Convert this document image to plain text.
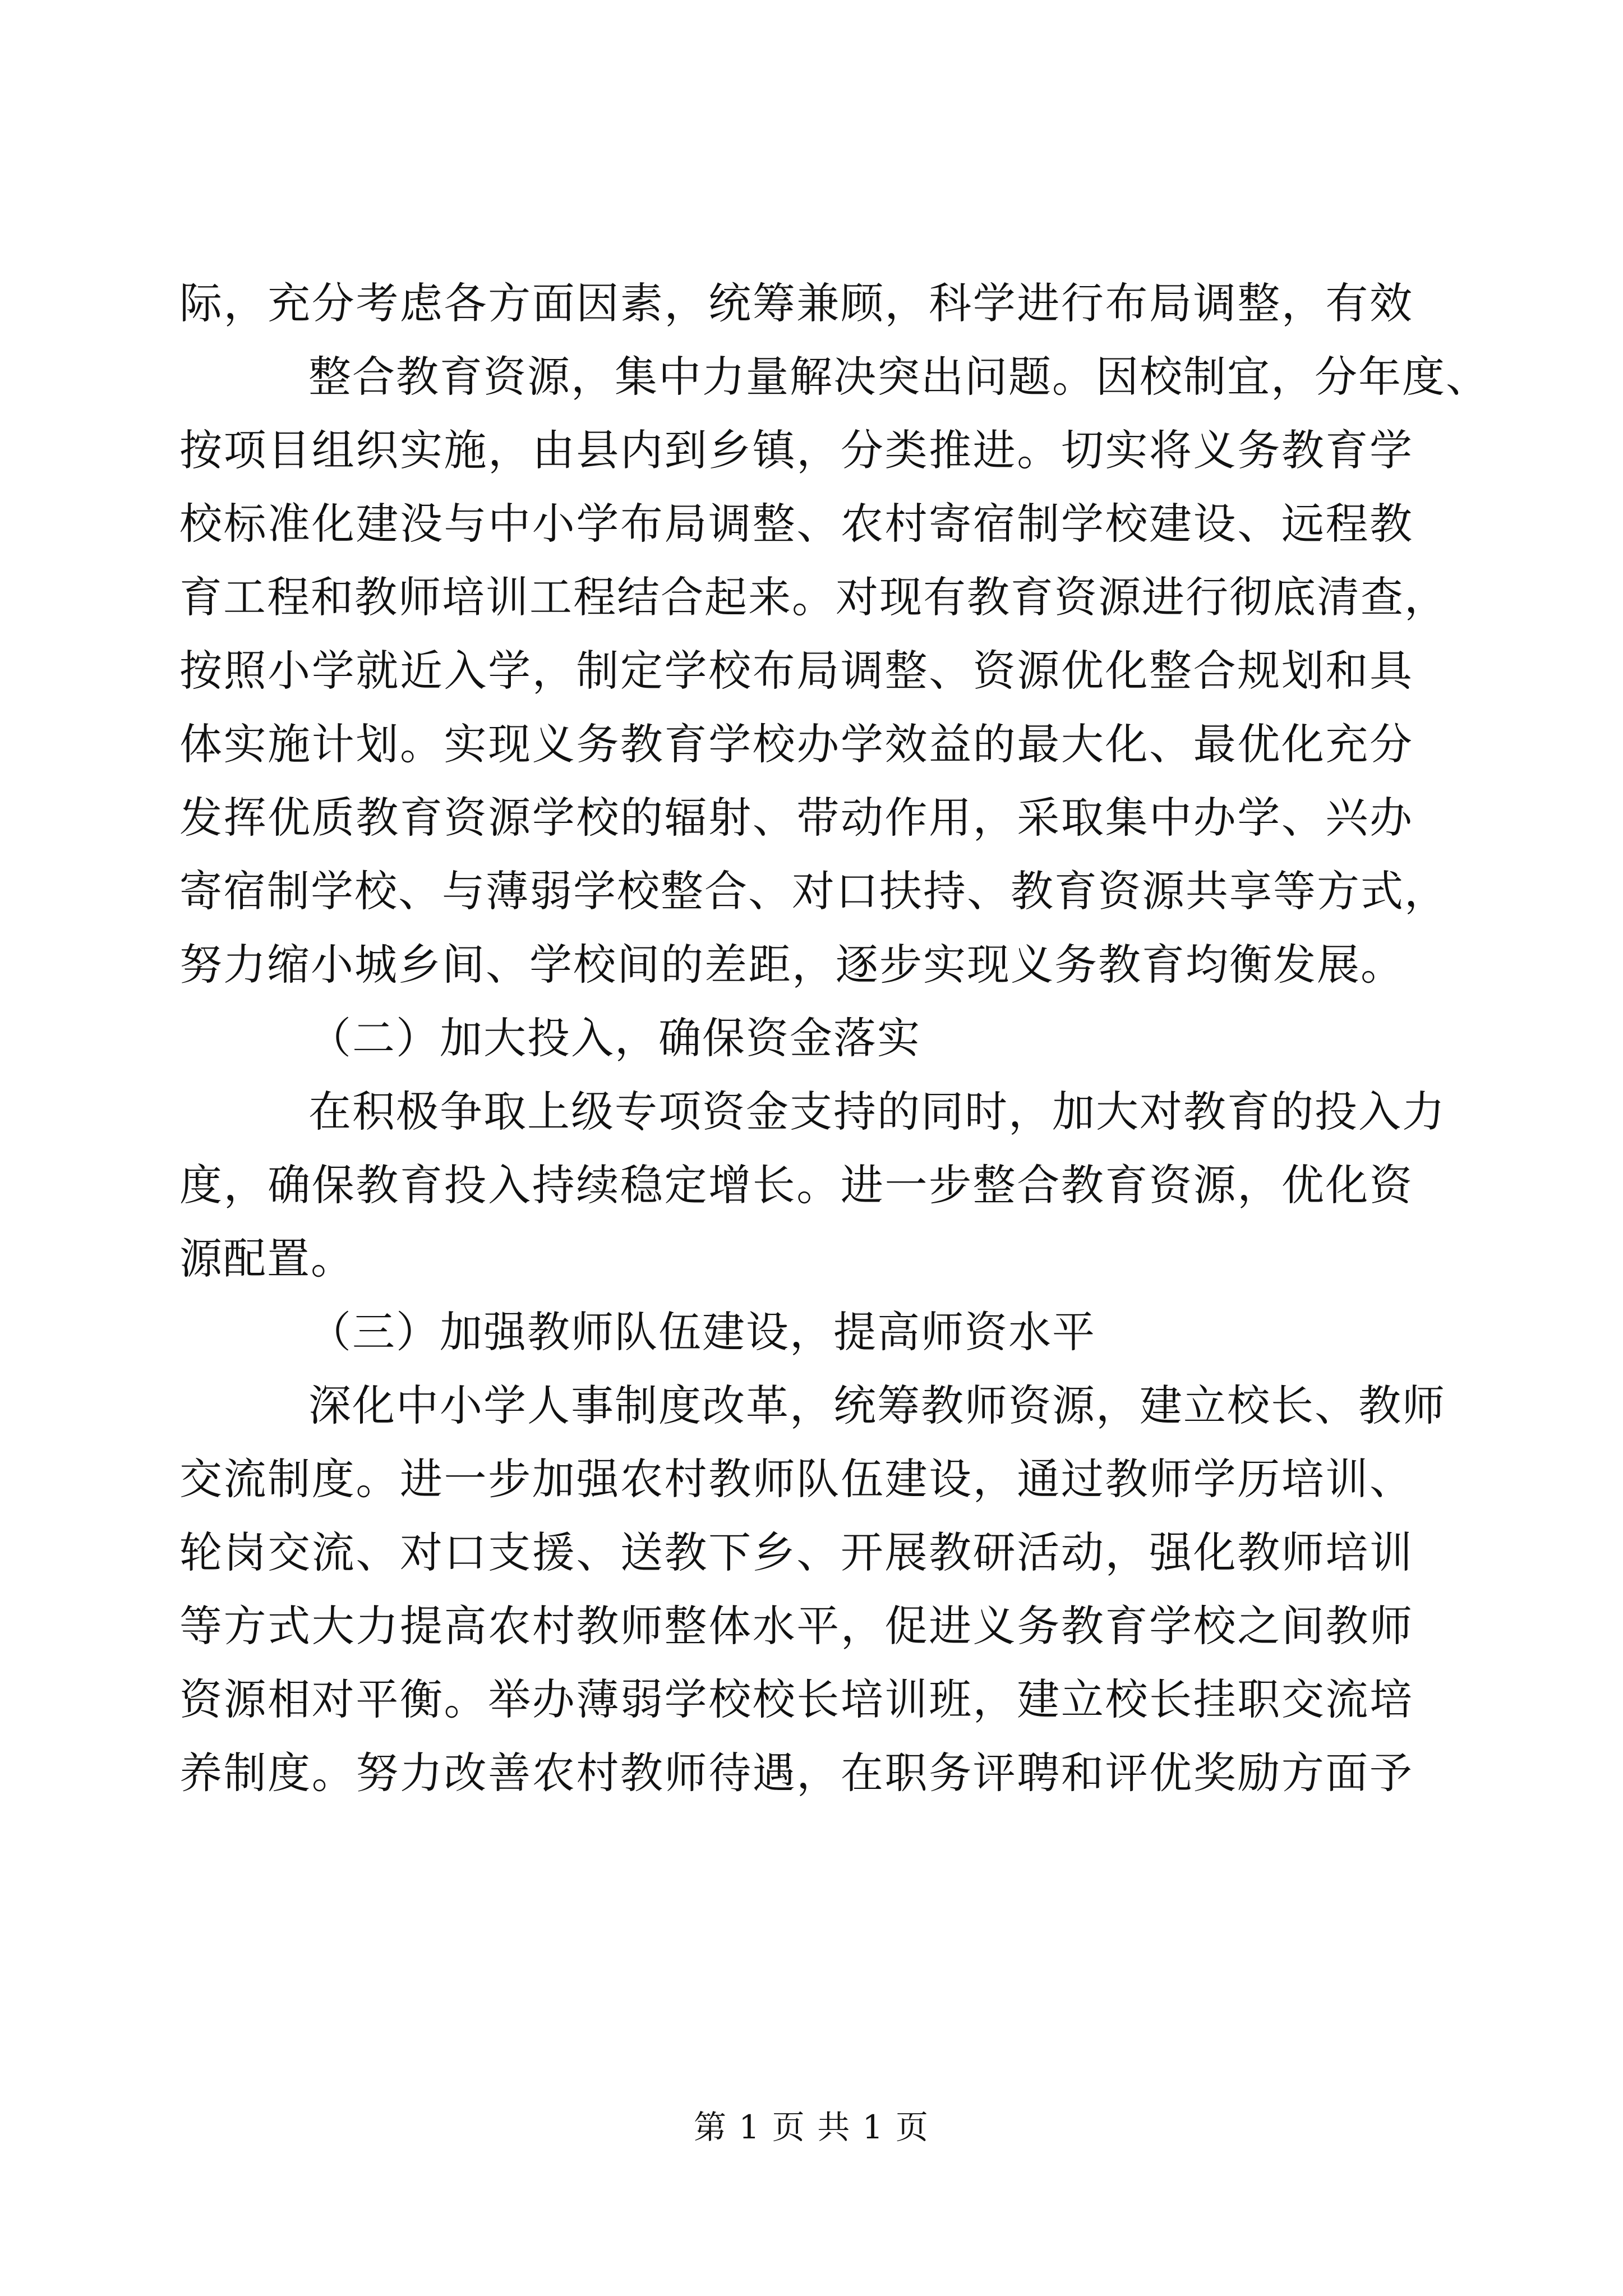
际，充分考虑各方面因素，统筹兼顾，科学进行布局调整，有效

整合教育资源，集中力量解决突出问题。因校制宜，分年度、

按项目组织实施，由县内到乡镇，分类推进。切实将义务教育学

校标准化建没与中小学布局调整、农村寄宿制学校建设、远程教

育工程和教师培训工程结合起来。对现有教育资源进行彻底清查，

按照小学就近入学，制定学校布局调整、资源优化整合规划和具

体实施计划。实现义务教育学校办学效益的最大化、最优化充分

发挥优质教育资源学校的辐射、带动作用，采取集中办学、兴办

寄宿制学校、与薄弱学校整合、对口扶持、教育资源共享等方式，

努力缩小城乡间、学校间的差距，逐步实现义务教育均衡发展。

（二）加大投入，确保资金落实

在积极争取上级专项资金支持的同时，加大对教育的投入力

度，确保教育投入持续稳定增长。进一步整合教育资源，优化资

源配置。

（三）加强教师队伍建设，提高师资水平

深化中小学人事制度改革，统筹教师资源，建立校长、教师

交流制度。进一步加强农村教师队伍建设，通过教师学历培训、

轮岗交流、对口支援、送教下乡、开展教研活动，强化教师培训

等方式大力提高农村教师整体水平，促进义务教育学校之间教师

资源相对平衡。举办薄弱学校校长培训班，建立校长挂职交流培

养制度。努力改善农村教师待遇，在职务评聘和评优奖励方面予

第 1 页 共 1 页
